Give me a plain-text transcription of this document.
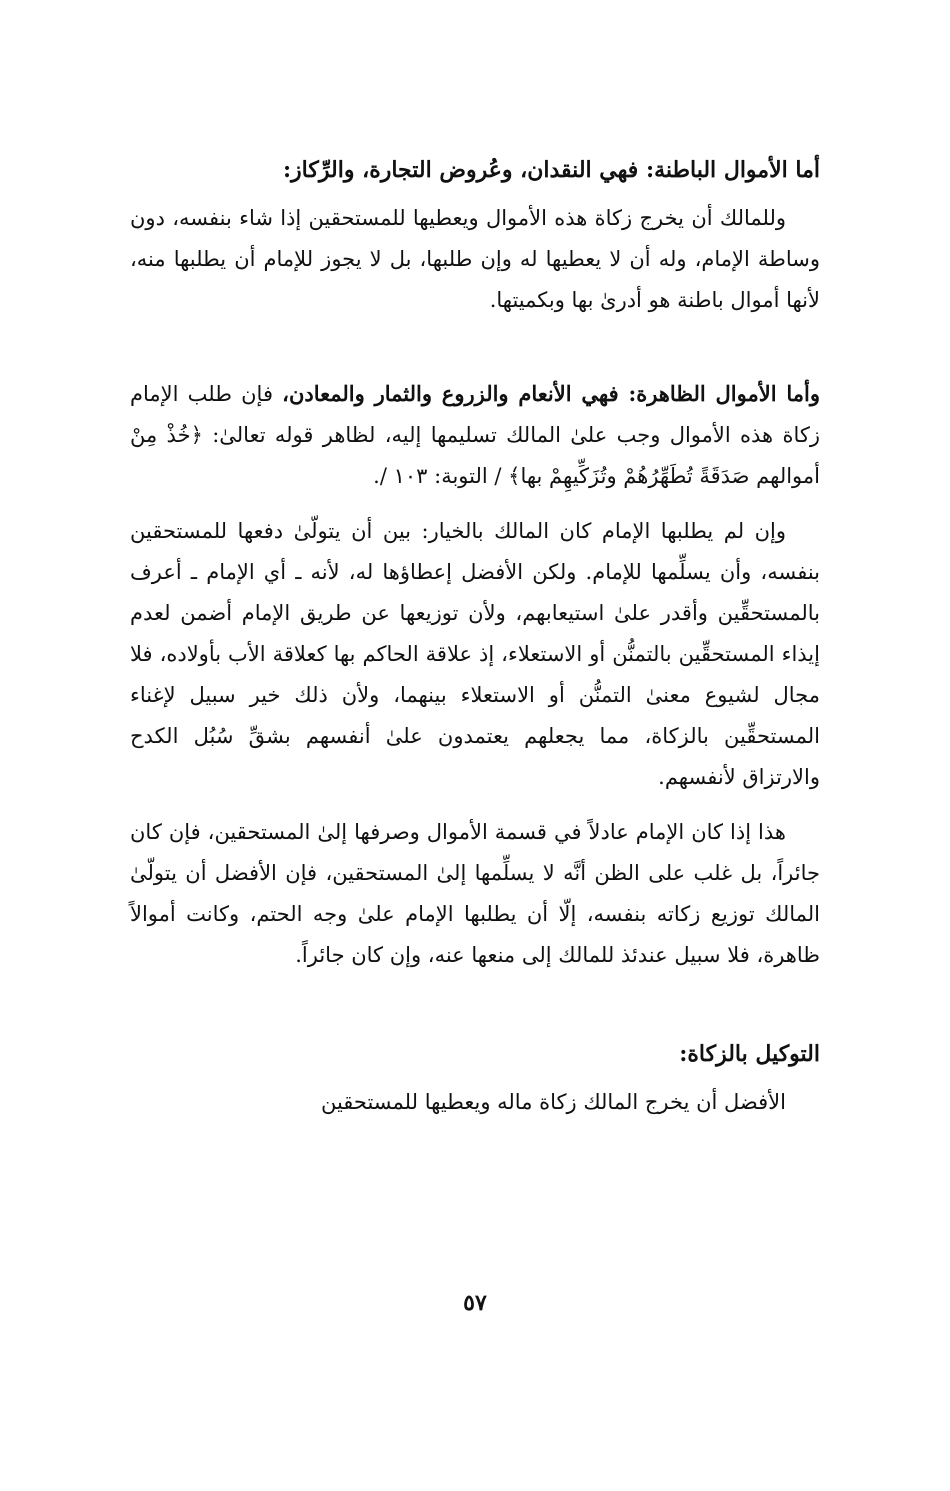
أما الأموال الباطنة: فهي النقدان، وعُروض التجارة، والرِّكاز:

وللمالك أن يخرج زكاة هذه الأموال ويعطيها للمستحقين إذا شاء بنفسه، دون وساطة الإمام، وله أن لا يعطيها له وإن طلبها، بل لا يجوز للإمام أن يطلبها منه، لأنها أموال باطنة هو أدرىٰ بها وبكميتها.

وأما الأموال الظاهرة: فهي الأنعام والزروع والثمار والمعادن، فإن طلب الإمام زكاة هذه الأموال وجب علىٰ المالك تسليمها إليه، لظاهر قوله تعالىٰ: ﴿خُذْ مِنْ أموالهم صَدَقَةً تُطَهِّرُهُمْ وتُزَكِّيهِمْ بها﴾ / التوبة: ١٠٣ /.

وإن لم يطلبها الإمام كان المالك بالخيار: بين أن يتولّىٰ دفعها للمستحقين بنفسه، وأن يسلِّمها للإمام. ولكن الأفضل إعطاؤها له، لأنه ـ أي الإمام ـ أعرف بالمستحقِّين وأقدر علىٰ استيعابهم، ولأن توزيعها عن طريق الإمام أضمن لعدم إيذاء المستحقِّين بالتمنُّن أو الاستعلاء، إذ علاقة الحاكم بها كعلاقة الأب بأولاده، فلا مجال لشيوع معنىٰ التمنُّن أو الاستعلاء بينهما، ولأن ذلك خير سبيل لإغناء المستحقِّين بالزكاة، مما يجعلهم يعتمدون علىٰ أنفسهم بشقِّ سُبُل الكدح والارتزاق لأنفسهم.

هذا إذا كان الإمام عادلاً في قسمة الأموال وصرفها إلىٰ المستحقين، فإن كان جائراً، بل غلب على الظن أنَّه لا يسلِّمها إلىٰ المستحقين، فإن الأفضل أن يتولّىٰ المالك توزيع زكاته بنفسه، إلّا أن يطلبها الإمام علىٰ وجه الحتم، وكانت أموالاً ظاهرة، فلا سبيل عندئذ للمالك إلى منعها عنه، وإن كان جائراً.

التوكيل بالزكاة:

الأفضل أن يخرج المالك زكاة ماله ويعطيها للمستحقين

٥٧
